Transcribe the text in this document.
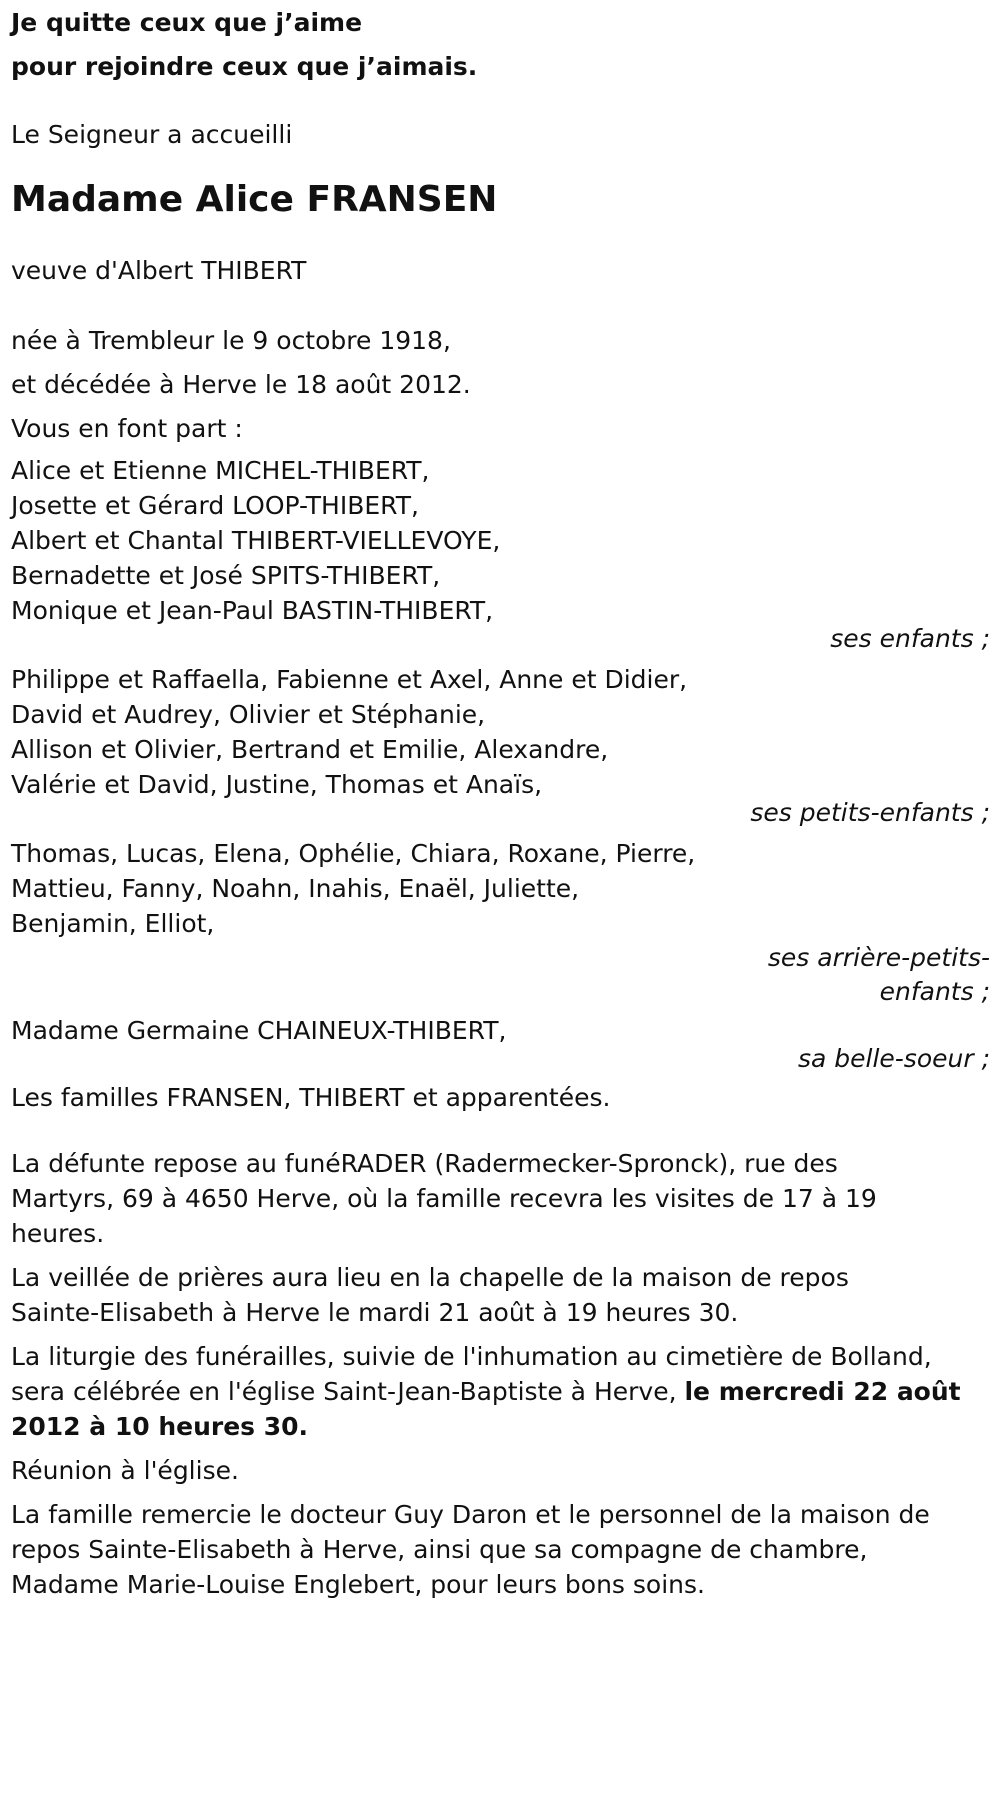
Je quitte ceux que j’aime
pour rejoindre ceux que j’aimais.
Le Seigneur a accueilli
Madame Alice FRANSEN
veuve d'Albert THIBERT
née à Trembleur le 9 octobre 1918,
et décédée à Herve le 18 août 2012.
Vous en font part :
Alice et Etienne MICHEL-THIBERT,
Josette et Gérard LOOP-THIBERT,
Albert et Chantal THIBERT-VIELLEVOYE,
Bernadette et José SPITS-THIBERT,
Monique et Jean-Paul BASTIN-THIBERT,
ses enfants ;
Philippe et Raffaella, Fabienne et Axel, Anne et Didier,
David et Audrey, Olivier et Stéphanie,
Allison et Olivier, Bertrand et Emilie, Alexandre,
Valérie et David, Justine, Thomas et Anaïs,
ses petits-enfants ;
Thomas, Lucas, Elena, Ophélie, Chiara, Roxane, Pierre,
Mattieu, Fanny, Noahn, Inahis, Enaël, Juliette,
Benjamin, Elliot,
ses arrière-petits-
enfants ;
Madame Germaine CHAINEUX-THIBERT,
sa belle-soeur ;
Les familles FRANSEN, THIBERT et apparentées.
La défunte repose au funéRADER (Radermecker-Spronck), rue des
Martyrs, 69 à 4650 Herve, où la famille recevra les visites de 17 à 19
heures.
La veillée de prières aura lieu en la chapelle de la maison de repos
Sainte-Elisabeth à Herve le mardi 21 août à 19 heures 30.
La liturgie des funérailles, suivie de l'inhumation au cimetière de Bolland,
sera célébrée en l'église Saint-Jean-Baptiste à Herve, le mercredi 22 août
2012 à 10 heures 30.
Réunion à l'église.
La famille remercie le docteur Guy Daron et le personnel de la maison de
repos Sainte-Elisabeth à Herve, ainsi que sa compagne de chambre,
Madame Marie-Louise Englebert, pour leurs bons soins.
